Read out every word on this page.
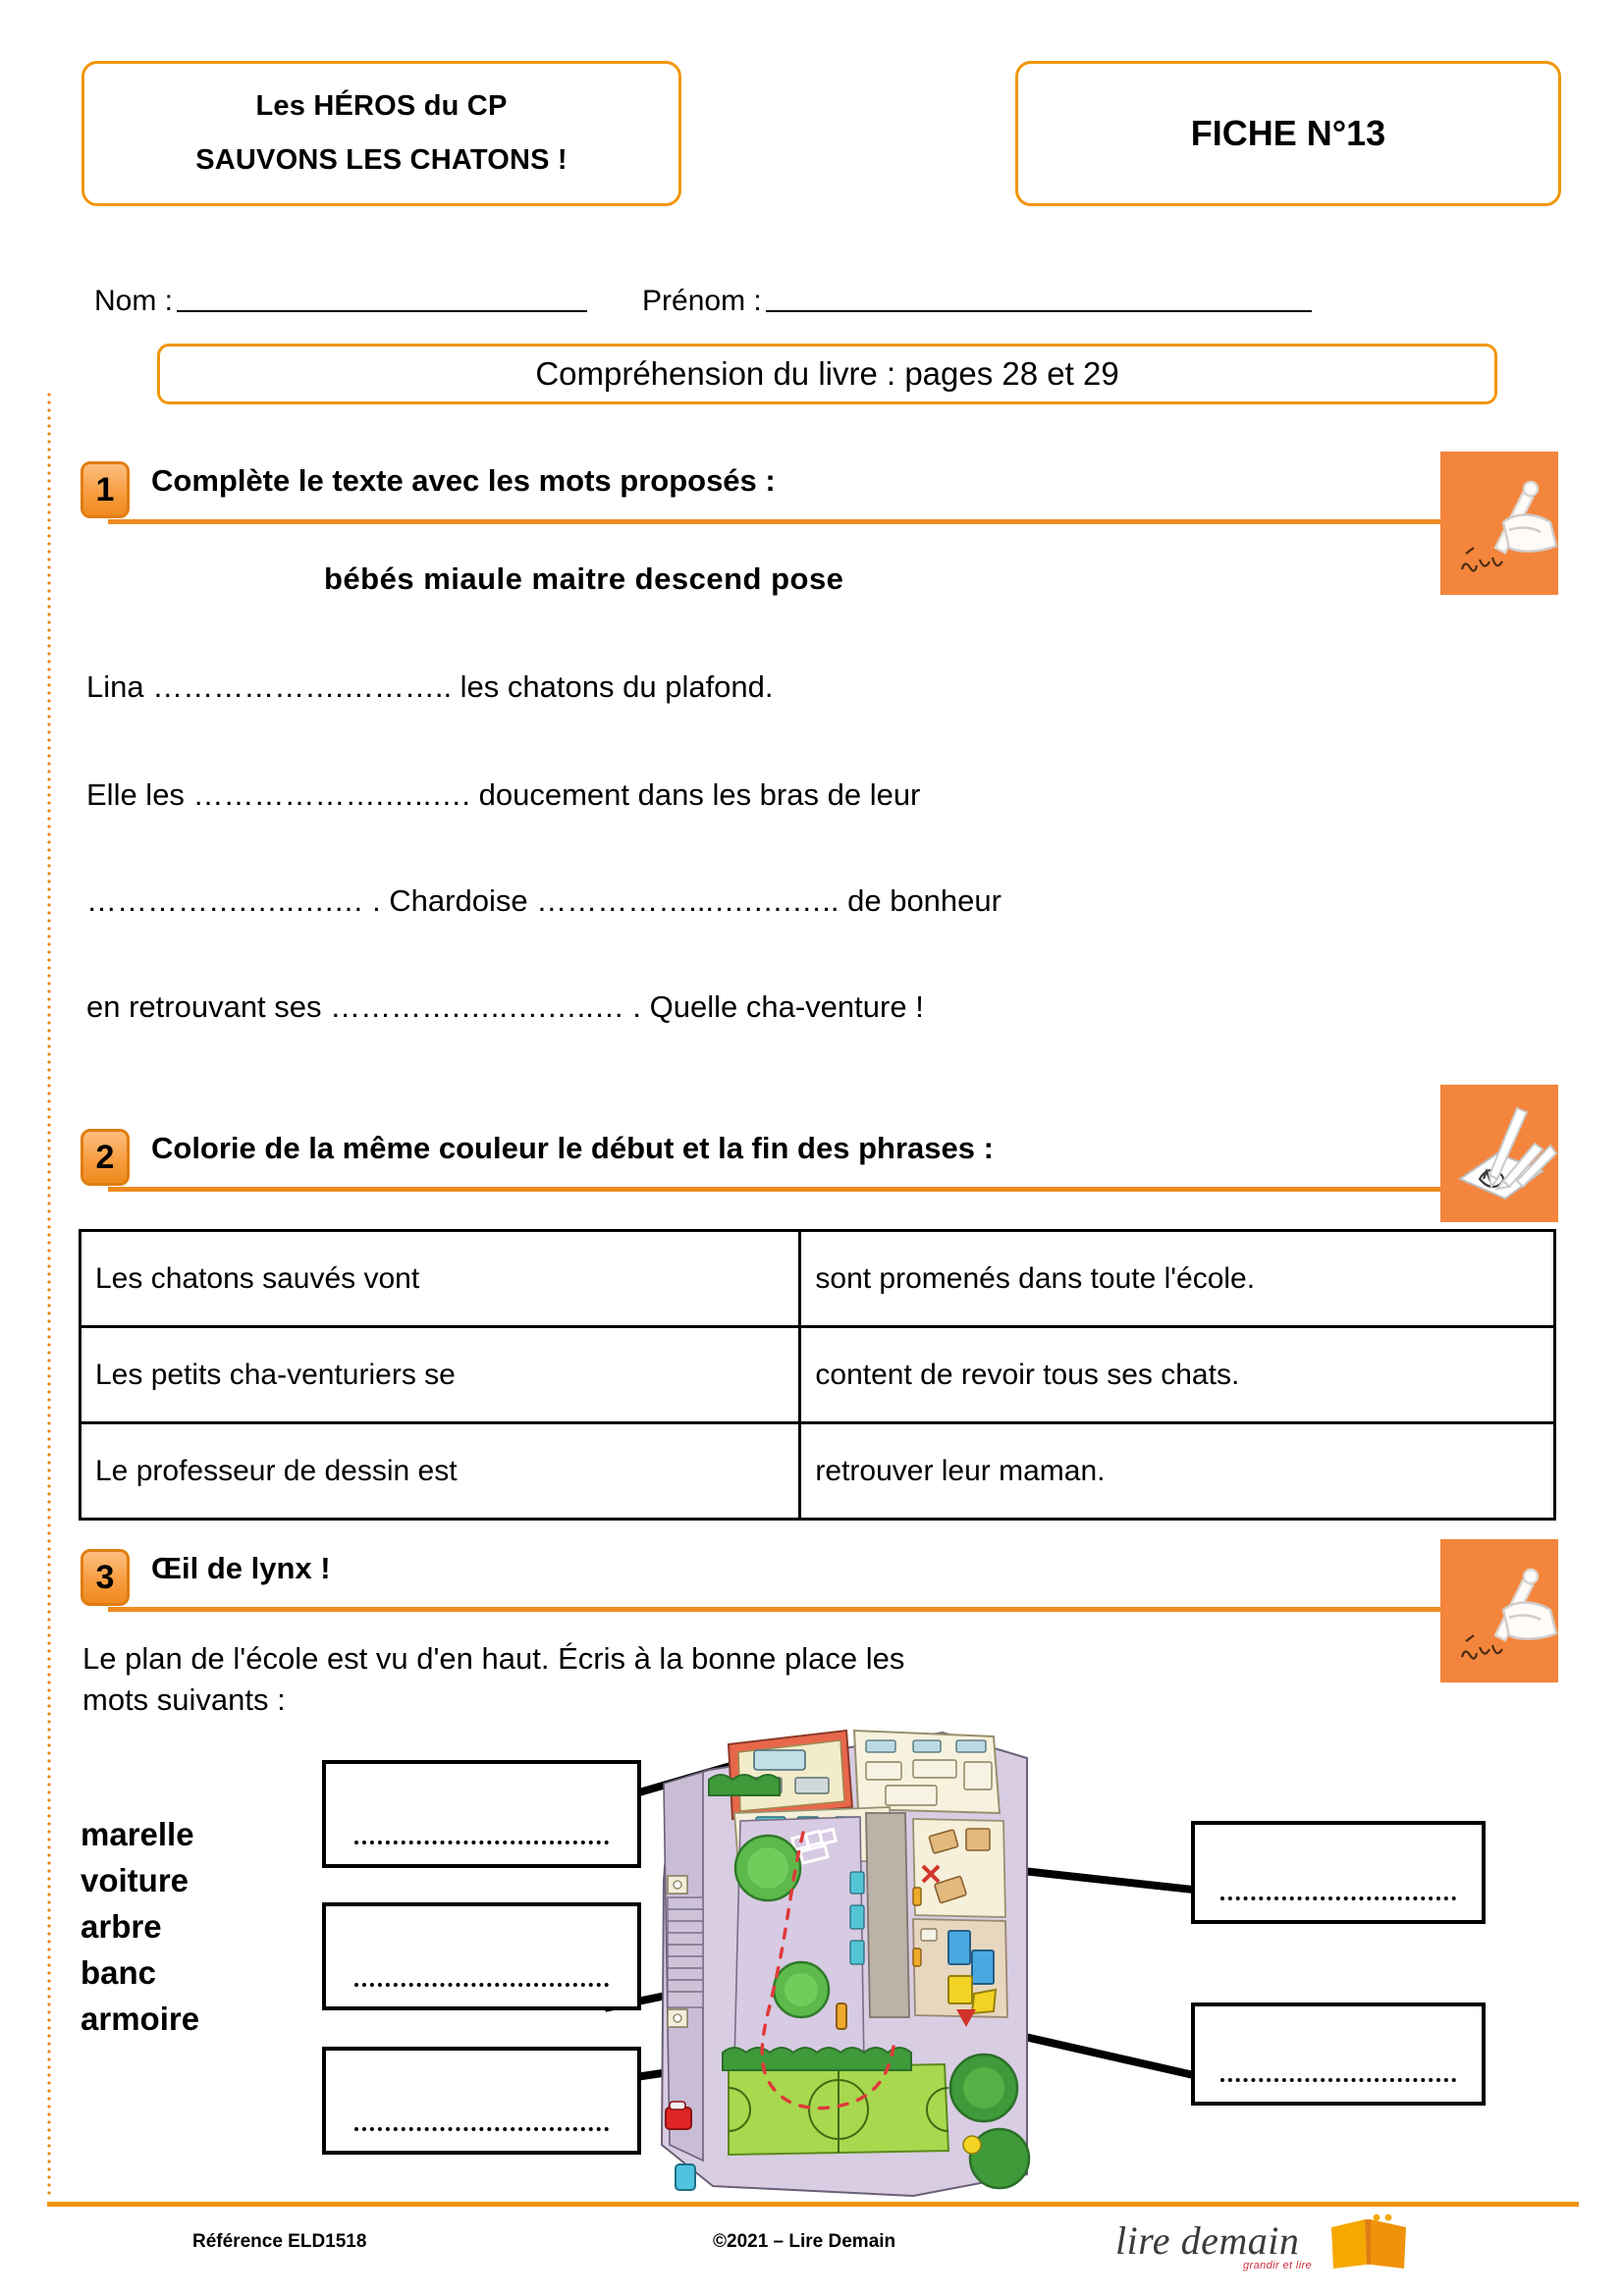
Les HÉROS du CP
SAUVONS LES CHATONS !
FICHE N°13
Nom :	Prénom :
Compréhension du livre : pages 28 et 29
1	Complète le texte avec les mots proposés :
bébés miaule maitre descend pose
Lina ……………….……….. les chatons du plafond.
Elle les ……………….…..…. doucement dans les bras de leur
…………….…..….… . Chardoise ……………...….….….. de bonheur
en retrouvant ses ………….…..….…..… . Quelle cha-venture !
2	Colorie de la même couleur le début et la fin des phrases :
Les chatons sauvés vont	sont promenés dans toute l'école.
Les petits cha-venturiers se	content de revoir tous ses chats.
Le professeur de dessin est	retrouver leur maman.
3	Œil de lynx !
Le plan de l'école est vu d'en haut. Écris à la bonne place les
mots suivants :
marelle
voiture
arbre
banc
armoire
Référence ELD1518	©2021 – Lire Demain	lire demain
grandir et lire
